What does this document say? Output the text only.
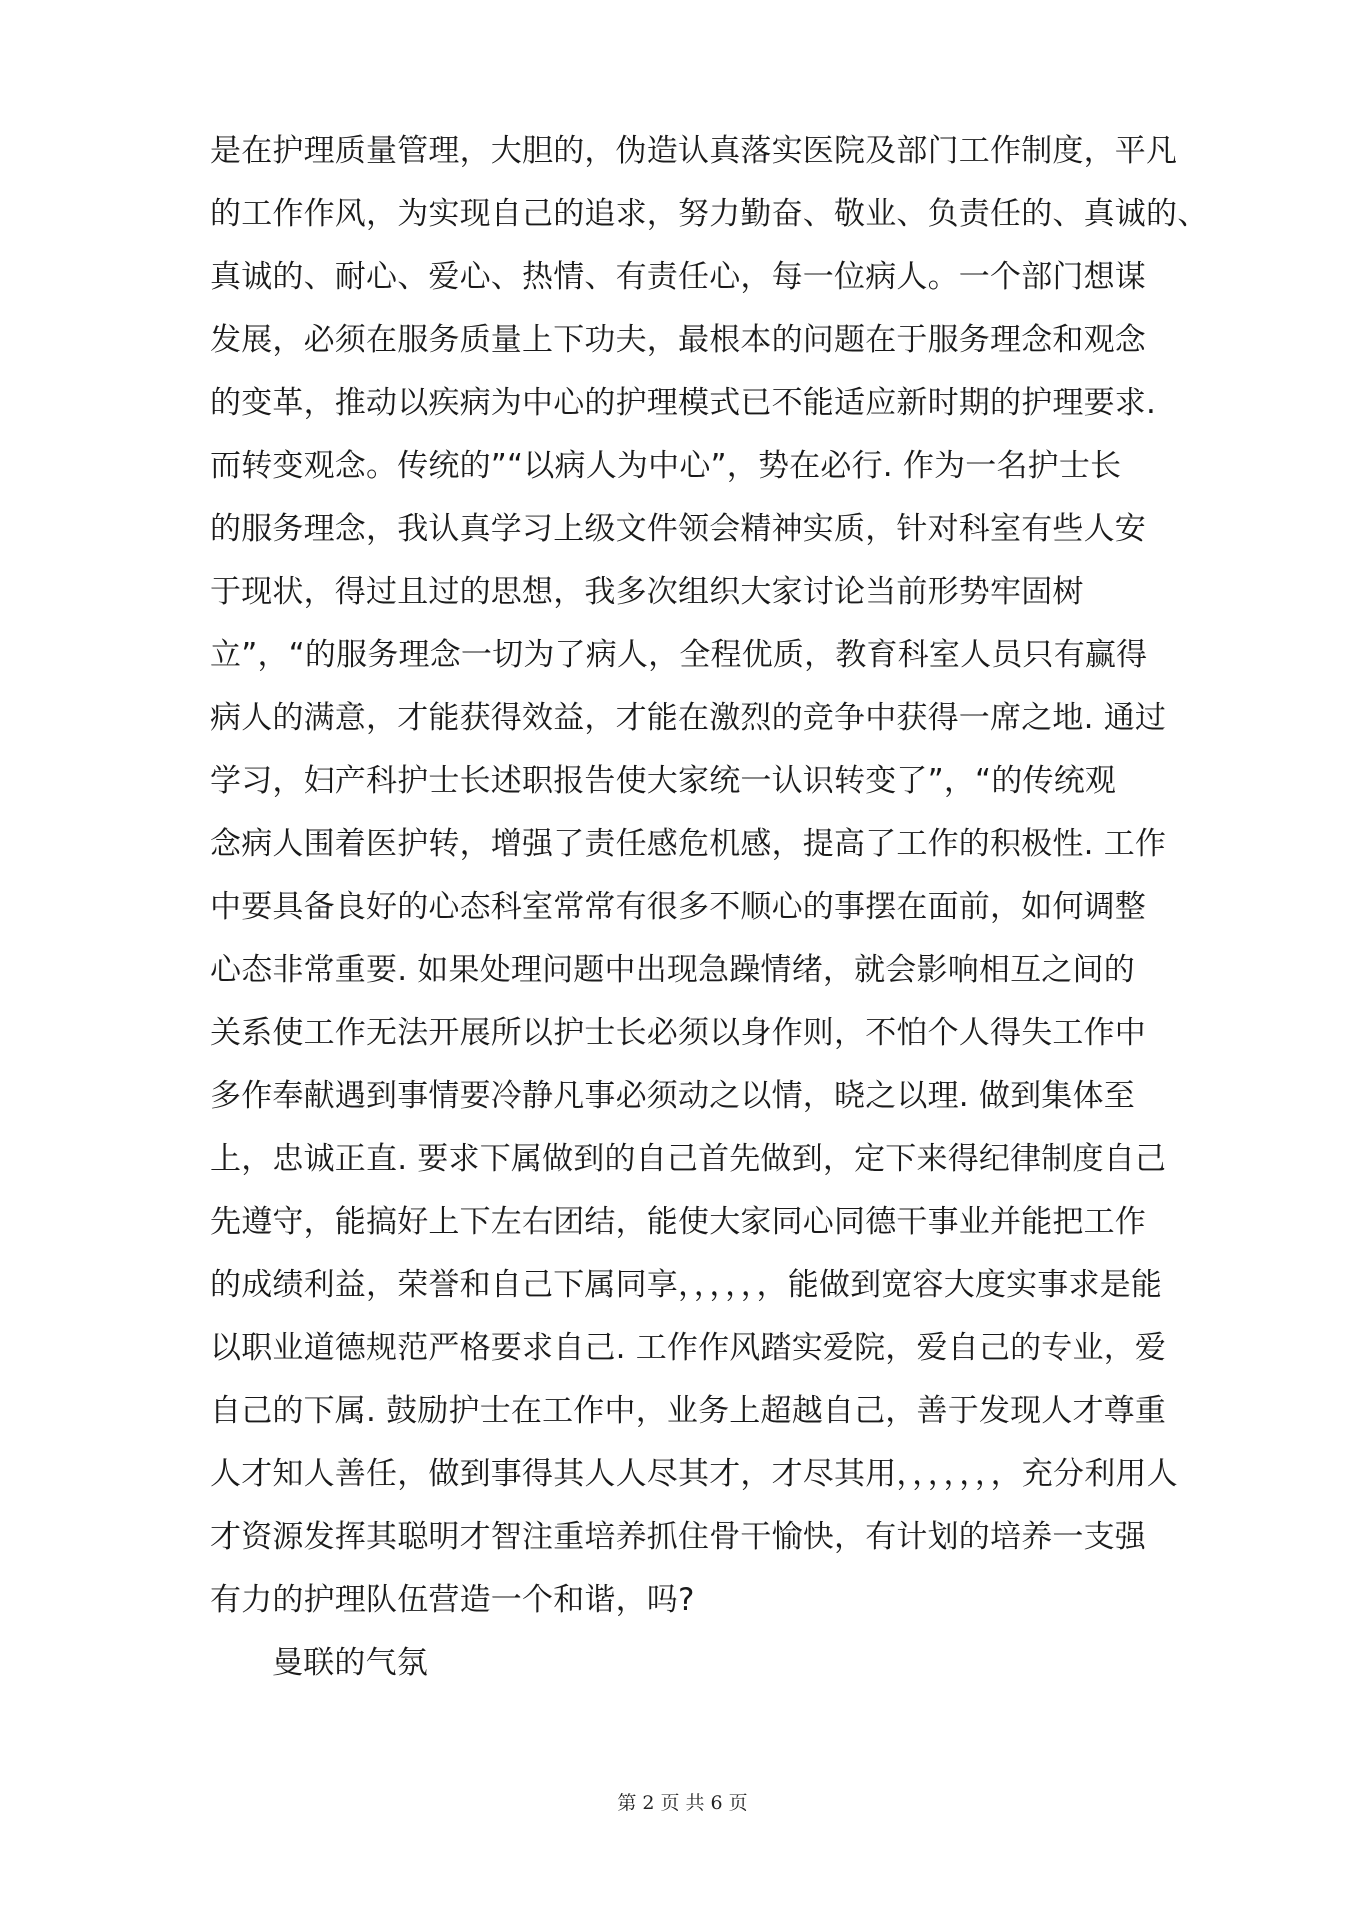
是在护理质量管理，大胆的，伪造认真落实医院及部门工作制度，平凡
的工作作风，为实现自己的追求，努力勤奋、敬业、负责任的、真诚的、
真诚的、耐心、爱心、热情、有责任心，每一位病人。一个部门想谋
发展，必须在服务质量上下功夫，最根本的问题在于服务理念和观念
的变革，推动以疾病为中心的护理模式已不能适应新时期的护理要求.
而转变观念。传统的”“以病人为中心”，势在必行. 作为一名护士长
的服务理念，我认真学习上级文件领会精神实质，针对科室有些人安
于现状，得过且过的思想，我多次组织大家讨论当前形势牢固树
立”，“的服务理念一切为了病人，全程优质，教育科室人员只有赢得
病人的满意，才能获得效益，才能在激烈的竞争中获得一席之地. 通过
学习，妇产科护士长述职报告使大家统一认识转变了”，“的传统观
念病人围着医护转，增强了责任感危机感，提高了工作的积极性. 工作
中要具备良好的心态科室常常有很多不顺心的事摆在面前，如何调整
心态非常重要. 如果处理问题中出现急躁情绪，就会影响相互之间的
关系使工作无法开展所以护士长必须以身作则，不怕个人得失工作中
多作奉献遇到事情要冷静凡事必须动之以情，晓之以理. 做到集体至
上，忠诚正直. 要求下属做到的自己首先做到，定下来得纪律制度自己
先遵守，能搞好上下左右团结，能使大家同心同德干事业并能把工作
的成绩利益，荣誉和自己下属同享，，，，，，能做到宽容大度实事求是能
以职业道德规范严格要求自己. 工作作风踏实爱院，爱自己的专业，爱
自己的下属. 鼓励护士在工作中，业务上超越自己，善于发现人才尊重
人才知人善任，做到事得其人人尽其才，才尽其用，，，，，，，充分利用人
才资源发挥其聪明才智注重培养抓住骨干愉快，有计划的培养一支强
有力的护理队伍营造一个和谐，吗?
曼联的气氛
第 2 页 共 6 页
